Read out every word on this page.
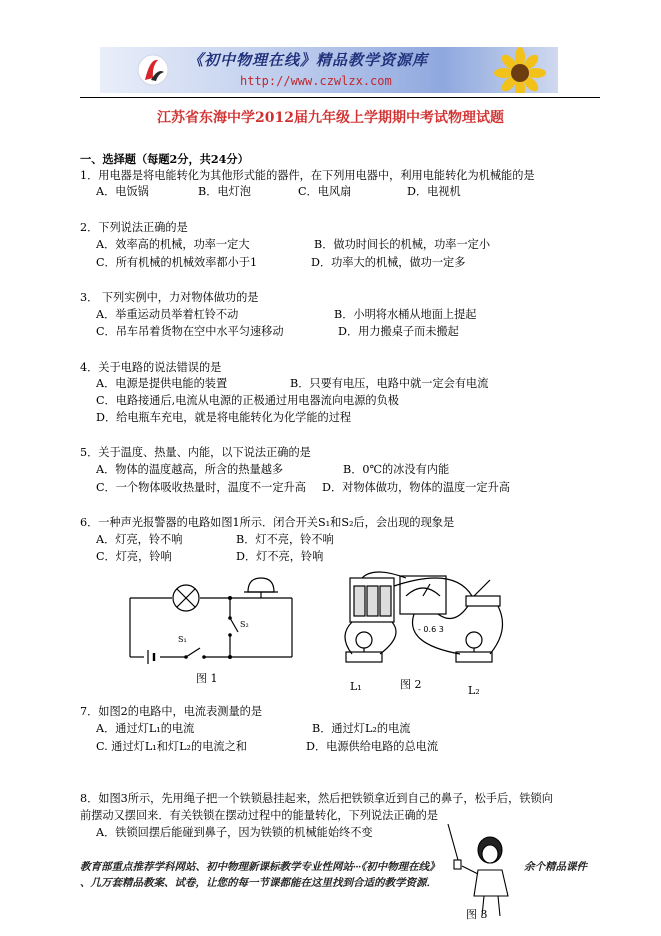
《初中物理在线》精品教学资源库
http://www.czwlzx.com
江苏省东海中学2012届九年级上学期期中考试物理试题
一、选择题（每题2分，共24分）
1．用电器是将电能转化为其他形式能的器件，在下列用电器中，利用电能转化为机械能的是
A．电饭锅	B．电灯泡	C．电风扇	D．电视机
2．下列说法正确的是
A．效率高的机械，功率一定大	B．做功时间长的机械，功率一定小
C．所有机械的机械效率都小于1	D．功率大的机械，做功一定多
3． 下列实例中，力对物体做功的是
A．举重运动员举着杠铃不动	B．小明将水桶从地面上提起
C．吊车吊着货物在空中水平匀速移动	D．用力搬桌子而未搬起
4．关于电路的说法错误的是
A．电源是提供电能的装置	B．只要有电压，电路中就一定会有电流
C．电路接通后,电流从电源的正极通过用电器流向电源的负极
D．给电瓶车充电，就是将电能转化为化学能的过程
5．关于温度、热量、内能，以下说法正确的是
A．物体的温度越高，所含的热量越多	B．0℃的冰没有内能
C．一个物体吸收热量时，温度不一定升高 D．对物体做功，物体的温度一定升高
6．一种声光报警器的电路如图1所示．闭合开关S₁和S₂后，会出现的现象是
A．灯亮，铃不响	B．灯不亮，铃不响
C．灯亮，铃响	D．灯不亮，铃响
S₂
S₁
图 1
- 0.6 3
L₁	图 2	L₂
7．如图2的电路中，电流表测量的是
A．通过灯L₁的电流	B．通过灯L₂的电流
C. 通过灯L₁和灯L₂的电流之和	D．电源供给电路的总电流
8．如图3所示，先用绳子把一个铁锁悬挂起来，然后把铁锁拿近到自己的鼻子，松手后，铁锁向
前摆动又摆回来．有关铁锁在摆动过程中的能量转化，下列说法正确的是
A．铁锁回摆后能碰到鼻子，因为铁锁的机械能始终不变
图 3
教育部重点推荐学科网站、初中物理新课标教学专业性网站···《初中物理在线》	余个精品课件
、几万套精品教案、试卷，让您的每一节课都能在这里找到合适的教学资源．
